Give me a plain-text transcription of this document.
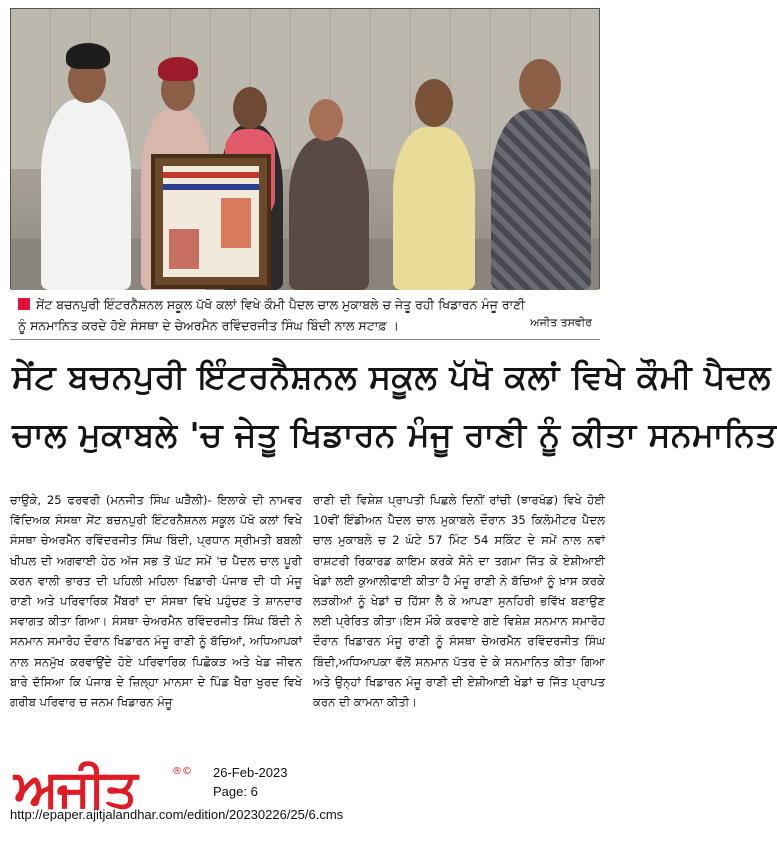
ਸੇਂਟ ਬਚਨਪੁਰੀ ਇੰਟਰਨੈਸ਼ਨਲ ਸਕੂਲ ਪੱਖੋ ਕਲਾਂ ਵਿਖੇ ਕੌਮੀ ਪੈਦਲ ਚਾਲ ਮੁਕਾਬਲੇ ਚ ਜੇਤੂ ਰਹੀ ਖਿਡਾਰਨ ਮੰਜੂ ਰਾਣੀ
ਨੂੰ ਸਨਮਾਨਿਤ ਕਰਦੇ ਹੋਏ ਸੰਸਥਾ ਦੇ ਚੇਅਰਮੈਨ ਰਵਿੰਦਰਜੀਤ ਸਿੰਘ ਬਿੰਦੀ ਨਾਲ ਸਟਾਫ਼ ।	ਅਜੀਤ ਤਸਵੀਰ
ਸੇਂਟ ਬਚਨਪੁਰੀ ਇੰਟਰਨੈਸ਼ਨਲ ਸਕੂਲ ਪੱਖੋ ਕਲਾਂ ਵਿਖੇ ਕੌਮੀ ਪੈਦਲ
ਚਾਲ ਮੁਕਾਬਲੇ 'ਚ ਜੇਤੂ ਖਿਡਾਰਨ ਮੰਜੂ ਰਾਣੀ ਨੂੰ ਕੀਤਾ ਸਨਮਾਨਿਤ
ਚਾਉਕੇ, 25 ਫਰਵਰੀ (ਮਨਜੀਤ ਸਿੰਘ ਘੜੈਲੀ)- ਇਲਾਕੇ ਦੀ ਨਾਮਵਰ ਵਿੱਦਿਅਕ ਸੰਸਥਾ ਸੇਂਟ ਬਚਨਪੁਰੀ ਇੰਟਰਨੈਸ਼ਨਲ ਸਕੂਲ ਪੱਖੋ ਕਲਾਂ ਵਿਖੇ ਸੰਸਥਾ ਚੇਅਰਮੈਨ ਰਵਿੰਦਰਜੀਤ ਸਿੰਘ ਬਿੰਦੀ, ਪ੍ਰਧਾਨ ਸ੍ਰੀਮਤੀ ਬਬਲੀ ਖੀਪਲ ਦੀ ਅਗਵਾਈ ਹੇਠ ਅੱਜ ਸਭ ਤੋਂ ਘੱਟ ਸਮੇਂ 'ਚ ਪੈਦਲ ਚਾਲ ਪੂਰੀ ਕਰਨ ਵਾਲੀ ਭਾਰਤ ਦੀ ਪਹਿਲੀ ਮਹਿਲਾ ਖਿਡਾਰੀ ਪੰਜਾਬ ਦੀ ਧੀ ਮੰਜੂ ਰਾਣੀ ਅਤੇ ਪਰਿਵਾਰਿਕ ਮੈਂਬਰਾਂ ਦਾ ਸੰਸਥਾ ਵਿਖੇ ਪਹੁੰਚਣ ਤੇ ਸ਼ਾਨਦਾਰ ਸਵਾਗਤ ਕੀਤਾ ਗਿਆ। ਸੰਸਥਾ ਚੇਅਰਮੈਨ ਰਵਿੰਦਰਜੀਤ ਸਿੰਘ ਬਿੰਦੀ ਨੇ ਸਨਮਾਨ ਸਮਾਰੋਹ ਦੌਰਾਨ ਖਿਡਾਰਨ ਮੰਜੂ ਰਾਣੀ ਨੂੰ ਬੱਚਿਆਂ, ਅਧਿਆਪਕਾਂ ਨਾਲ ਸਨਮੁੱਖ ਕਰਵਾਉਂਦੇ ਹੋਏ ਪਰਿਵਾਰਿਕ ਪਿਛੋਕੜ ਅਤੇ ਖੇਡ ਜੀਵਨ ਬਾਰੇ ਦੱਸਿਆ ਕਿ ਪੰਜਾਬ ਦੇ ਜ਼ਿਲ੍ਹਾ ਮਾਨਸਾ ਦੇ ਪਿੰਡ ਖੈਰਾ ਖੁਰਦ ਵਿਖੇ ਗਰੀਬ ਪਰਿਵਾਰ ਚ ਜਨਮ ਖਿਡਾਰਨ ਮੰਜੂ
ਰਾਣੀ ਦੀ ਵਿਸ਼ੇਸ਼ ਪ੍ਰਾਪਤੀ ਪਿਛਲੇ ਦਿਨੀਂ ਰਾਂਚੀ (ਝਾਰਖੰਡ) ਵਿਖੇ ਹੋਈ 10ਵੀਂ ਇੰਡੀਅਨ ਪੈਦਲ ਚਾਲ ਮੁਕਾਬਲੇ ਦੌਰਾਨ 35 ਕਿਲੋਮੀਟਰ ਪੈਦਲ ਚਾਲ ਮੁਕਾਬਲੇ ਚ 2 ਘੰਟੇ 57 ਮਿੰਟ 54 ਸਕਿੰਟ ਦੇ ਸਮੇਂ ਨਾਲ ਨਵਾਂ ਰਾਸ਼ਟਰੀ ਰਿਕਾਰਡ ਕਾਇਮ ਕਰਕੇ ਸੋਨੇ ਦਾ ਤਗਮਾ ਜਿੱਤ ਕੇ ਏਸ਼ੀਆਈ ਖੇਡਾਂ ਲਈ ਕੁਆਲੀਫਾਈ ਕੀਤਾ ਹੈ ਮੰਜੂ ਰਾਣੀ ਨੇ ਬੱਚਿਆਂ ਨੂੰ ਖ਼ਾਸ ਕਰਕੇ ਲੜਕੀਆਂ ਨੂੰ ਖੇਡਾਂ ਚ ਹਿੱਸਾ ਲੈ ਕੇ ਆਪਣਾ ਸੁਨਹਿਰੀ ਭਵਿੱਖ ਬਣਾਉਣ ਲਈ ਪ੍ਰੇਰਿਤ ਕੀਤਾ।ਇਸ ਮੌਕੇ ਕਰਵਾਏ ਗਏ ਵਿਸ਼ੇਸ਼ ਸਨਮਾਨ ਸਮਾਰੋਹ ਦੌਰਾਨ ਖਿਡਾਰਨ ਮੰਜੂ ਰਾਣੀ ਨੂੰ ਸੰਸਥਾ ਚੇਅਰਮੈਨ ਰਵਿੰਦਰਜੀਤ ਸਿੰਘ ਬਿੰਦੀ,ਅਧਿਆਪਕਾ ਵੱਲੋਂ ਸਨਮਾਨ ਪੱਤਰ ਦੇ ਕੇ ਸਨਮਾਨਿਤ ਕੀਤਾ ਗਿਆ ਅਤੇ ਉਨ੍ਹਾਂ ਖਿਡਾਰਨ ਮੰਜੂ ਰਾਣੀ ਦੀ ਏਸ਼ੀਆਈ ਖੇਡਾਂ ਚ ਜਿੱਤ ਪ੍ਰਾਪਤ ਕਰਨ ਦੀ ਕਾਮਨਾ ਕੀਤੀ।
ਅਜੀਤ	®© 26-Feb-2023
Page: 6
http://epaper.ajitjalandhar.com/edition/20230226/25/6.cms
